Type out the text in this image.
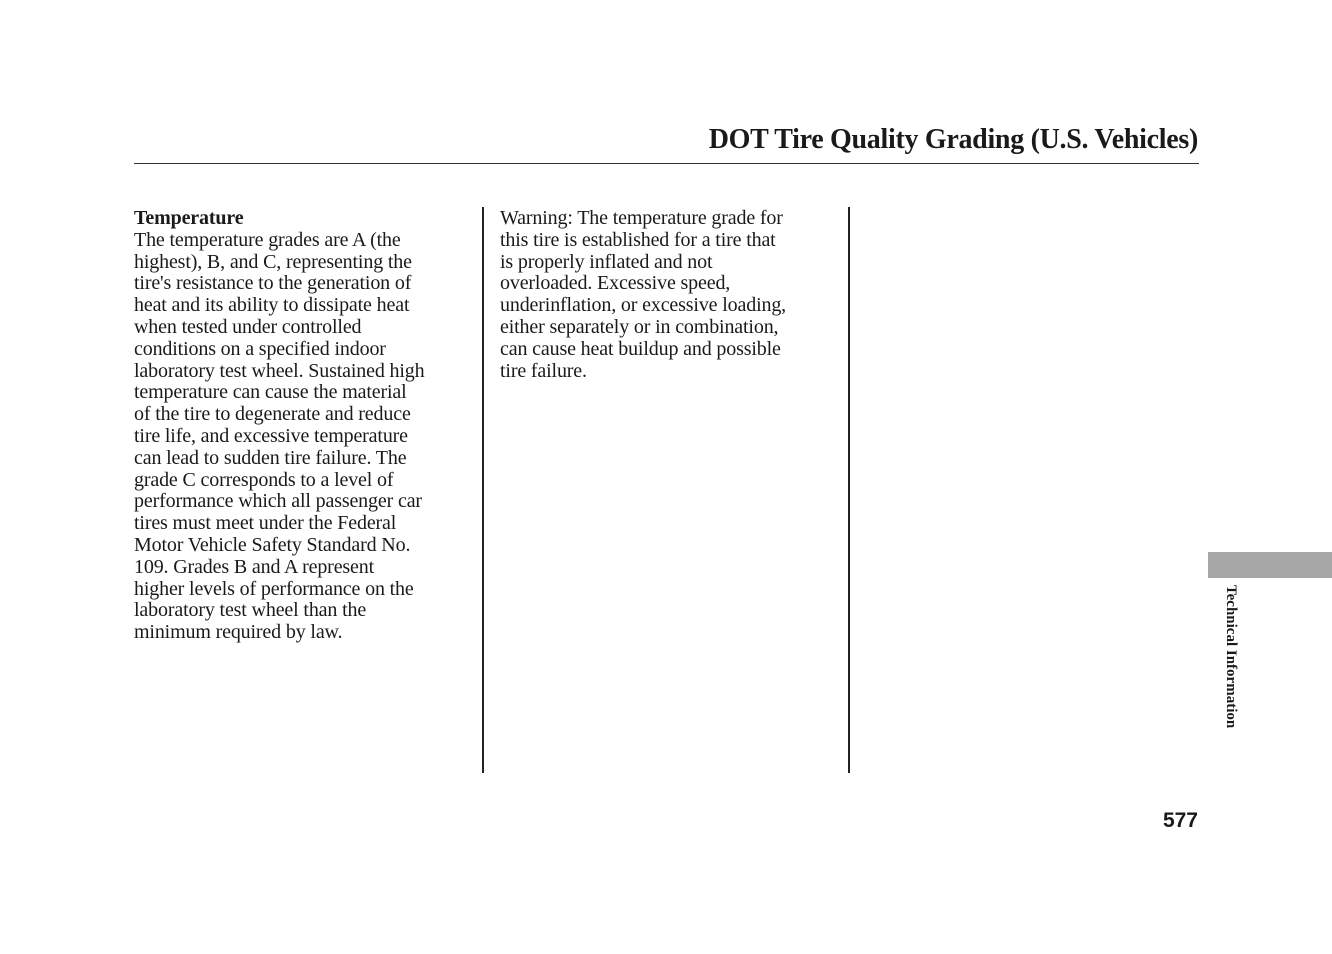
DOT Tire Quality Grading (U.S. Vehicles)
Temperature
The temperature grades are A (the
highest), B, and C, representing the
tire's resistance to the generation of
heat and its ability to dissipate heat
when tested under controlled
conditions on a specified indoor
laboratory test wheel. Sustained high
temperature can cause the material
of the tire to degenerate and reduce
tire life, and excessive temperature
can lead to sudden tire failure. The
grade C corresponds to a level of
performance which all passenger car
tires must meet under the Federal
Motor Vehicle Safety Standard No.
109. Grades B and A represent
higher levels of performance on the
laboratory test wheel than the
minimum required by law.
Warning: The temperature grade for
this tire is established for a tire that
is properly inflated and not
overloaded. Excessive speed,
underinflation, or excessive loading,
either separately or in combination,
can cause heat buildup and possible
tire failure.
Technical Information
577
